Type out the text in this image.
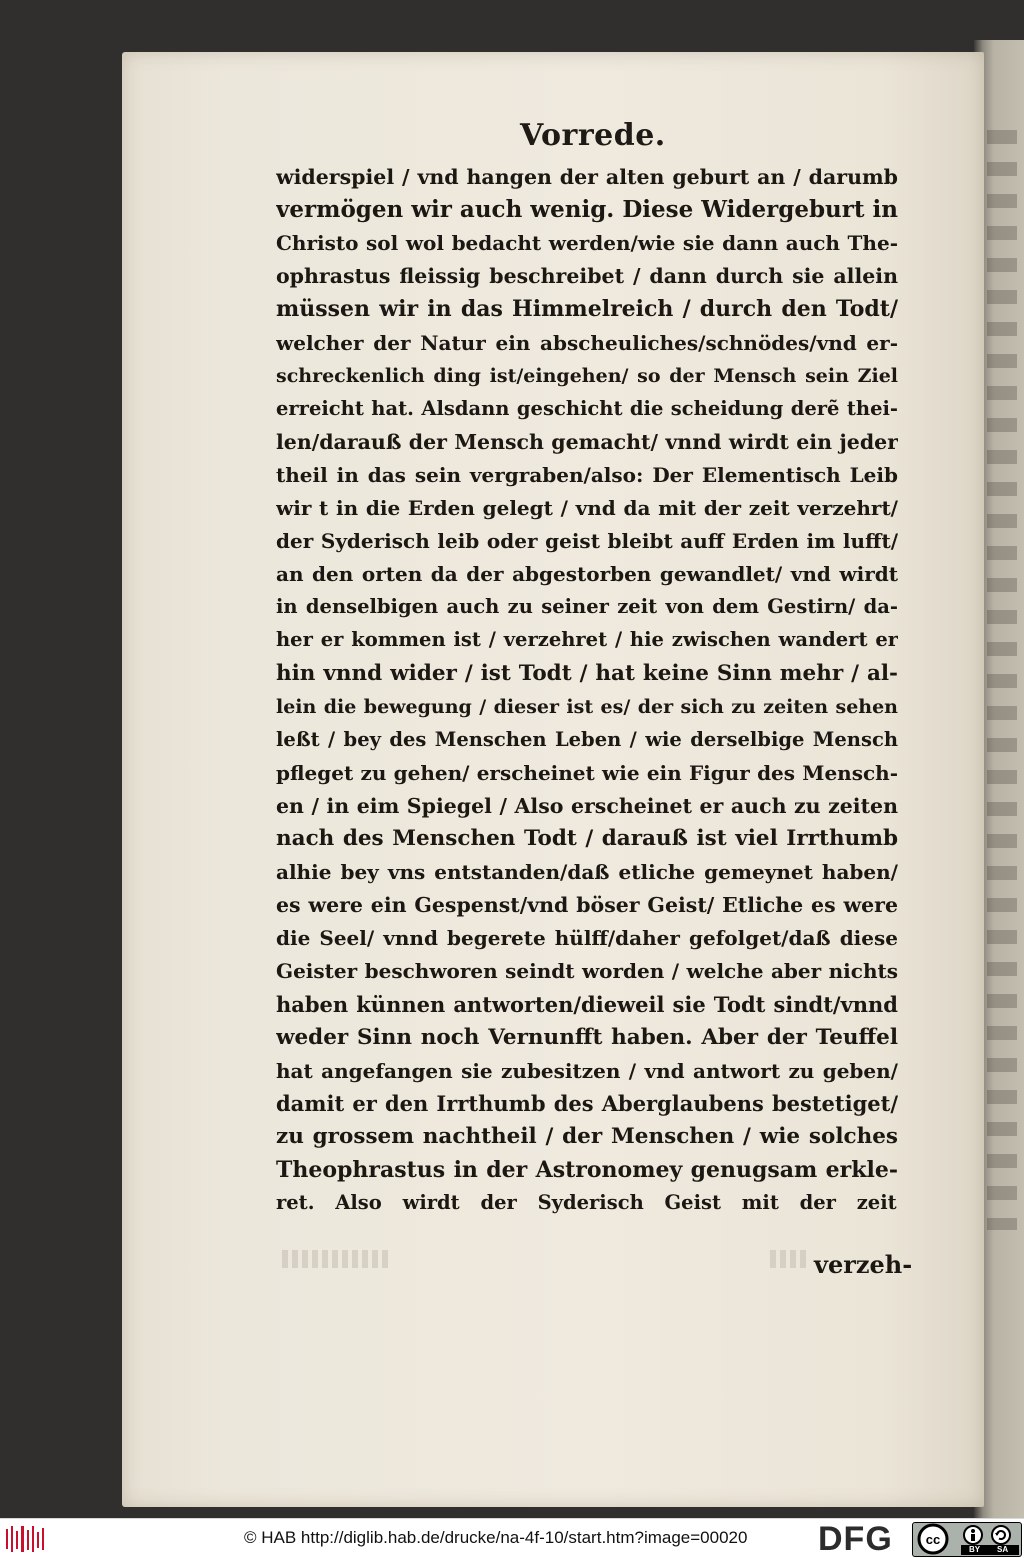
Vorrede.
widerspiel / vnd hangen der alten geburt an / darumb
vermögen wir auch wenig. Diese Widergeburt in
Christo sol wol bedacht werden/wie sie dann auch The-
ophrastus fleissig beschreibet / dann durch sie allein
müssen wir in das Himmelreich / durch den Todt/
welcher der Natur ein abscheuliches/schnödes/vnd er-
schreckenlich ding ist/eingehen/ so der Mensch sein Ziel
erreicht hat. Alsdann geschicht die scheidung derẽ thei-
len/darauß der Mensch gemacht/ vnnd wirdt ein jeder
theil in das sein vergraben/also: Der Elementisch Leib
wir t in die Erden gelegt / vnd da mit der zeit verzehrt/
der Syderisch leib oder geist bleibt auff Erden im lufft/
an den orten da der abgestorben gewandlet/ vnd wirdt
in denselbigen auch zu seiner zeit von dem Gestirn/ da-
her er kommen ist / verzehret / hie zwischen wandert er
hin vnnd wider / ist Todt / hat keine Sinn mehr / al-
lein die bewegung / dieser ist es/ der sich zu zeiten sehen
leßt / bey des Menschen Leben / wie derselbige Mensch
pfleget zu gehen/ erscheinet wie ein Figur des Mensch-
en / in eim Spiegel / Also erscheinet er auch zu zeiten
nach des Menschen Todt / darauß ist viel Irrthumb
alhie bey vns entstanden/daß etliche gemeynet haben/
es were ein Gespenst/vnd böser Geist/ Etliche es were
die Seel/ vnnd begerete hülff/daher gefolget/daß diese
Geister beschworen seindt worden / welche aber nichts
haben künnen antworten/dieweil sie Todt sindt/vnnd
weder Sinn noch Vernunfft haben. Aber der Teuffel
hat angefangen sie zubesitzen / vnd antwort zu geben/
damit er den Irrthumb des Aberglaubens bestetiget/
zu grossem nachtheil / der Menschen / wie solches
Theophrastus in der Astronomey genugsam erkle-
ret. Also wirdt der Syderisch Geist mit der zeit
verzeh-
© HAB http://diglib.hab.de/drucke/na-4f-10/start.htm?image=00020 DFG	cc
BY SA
